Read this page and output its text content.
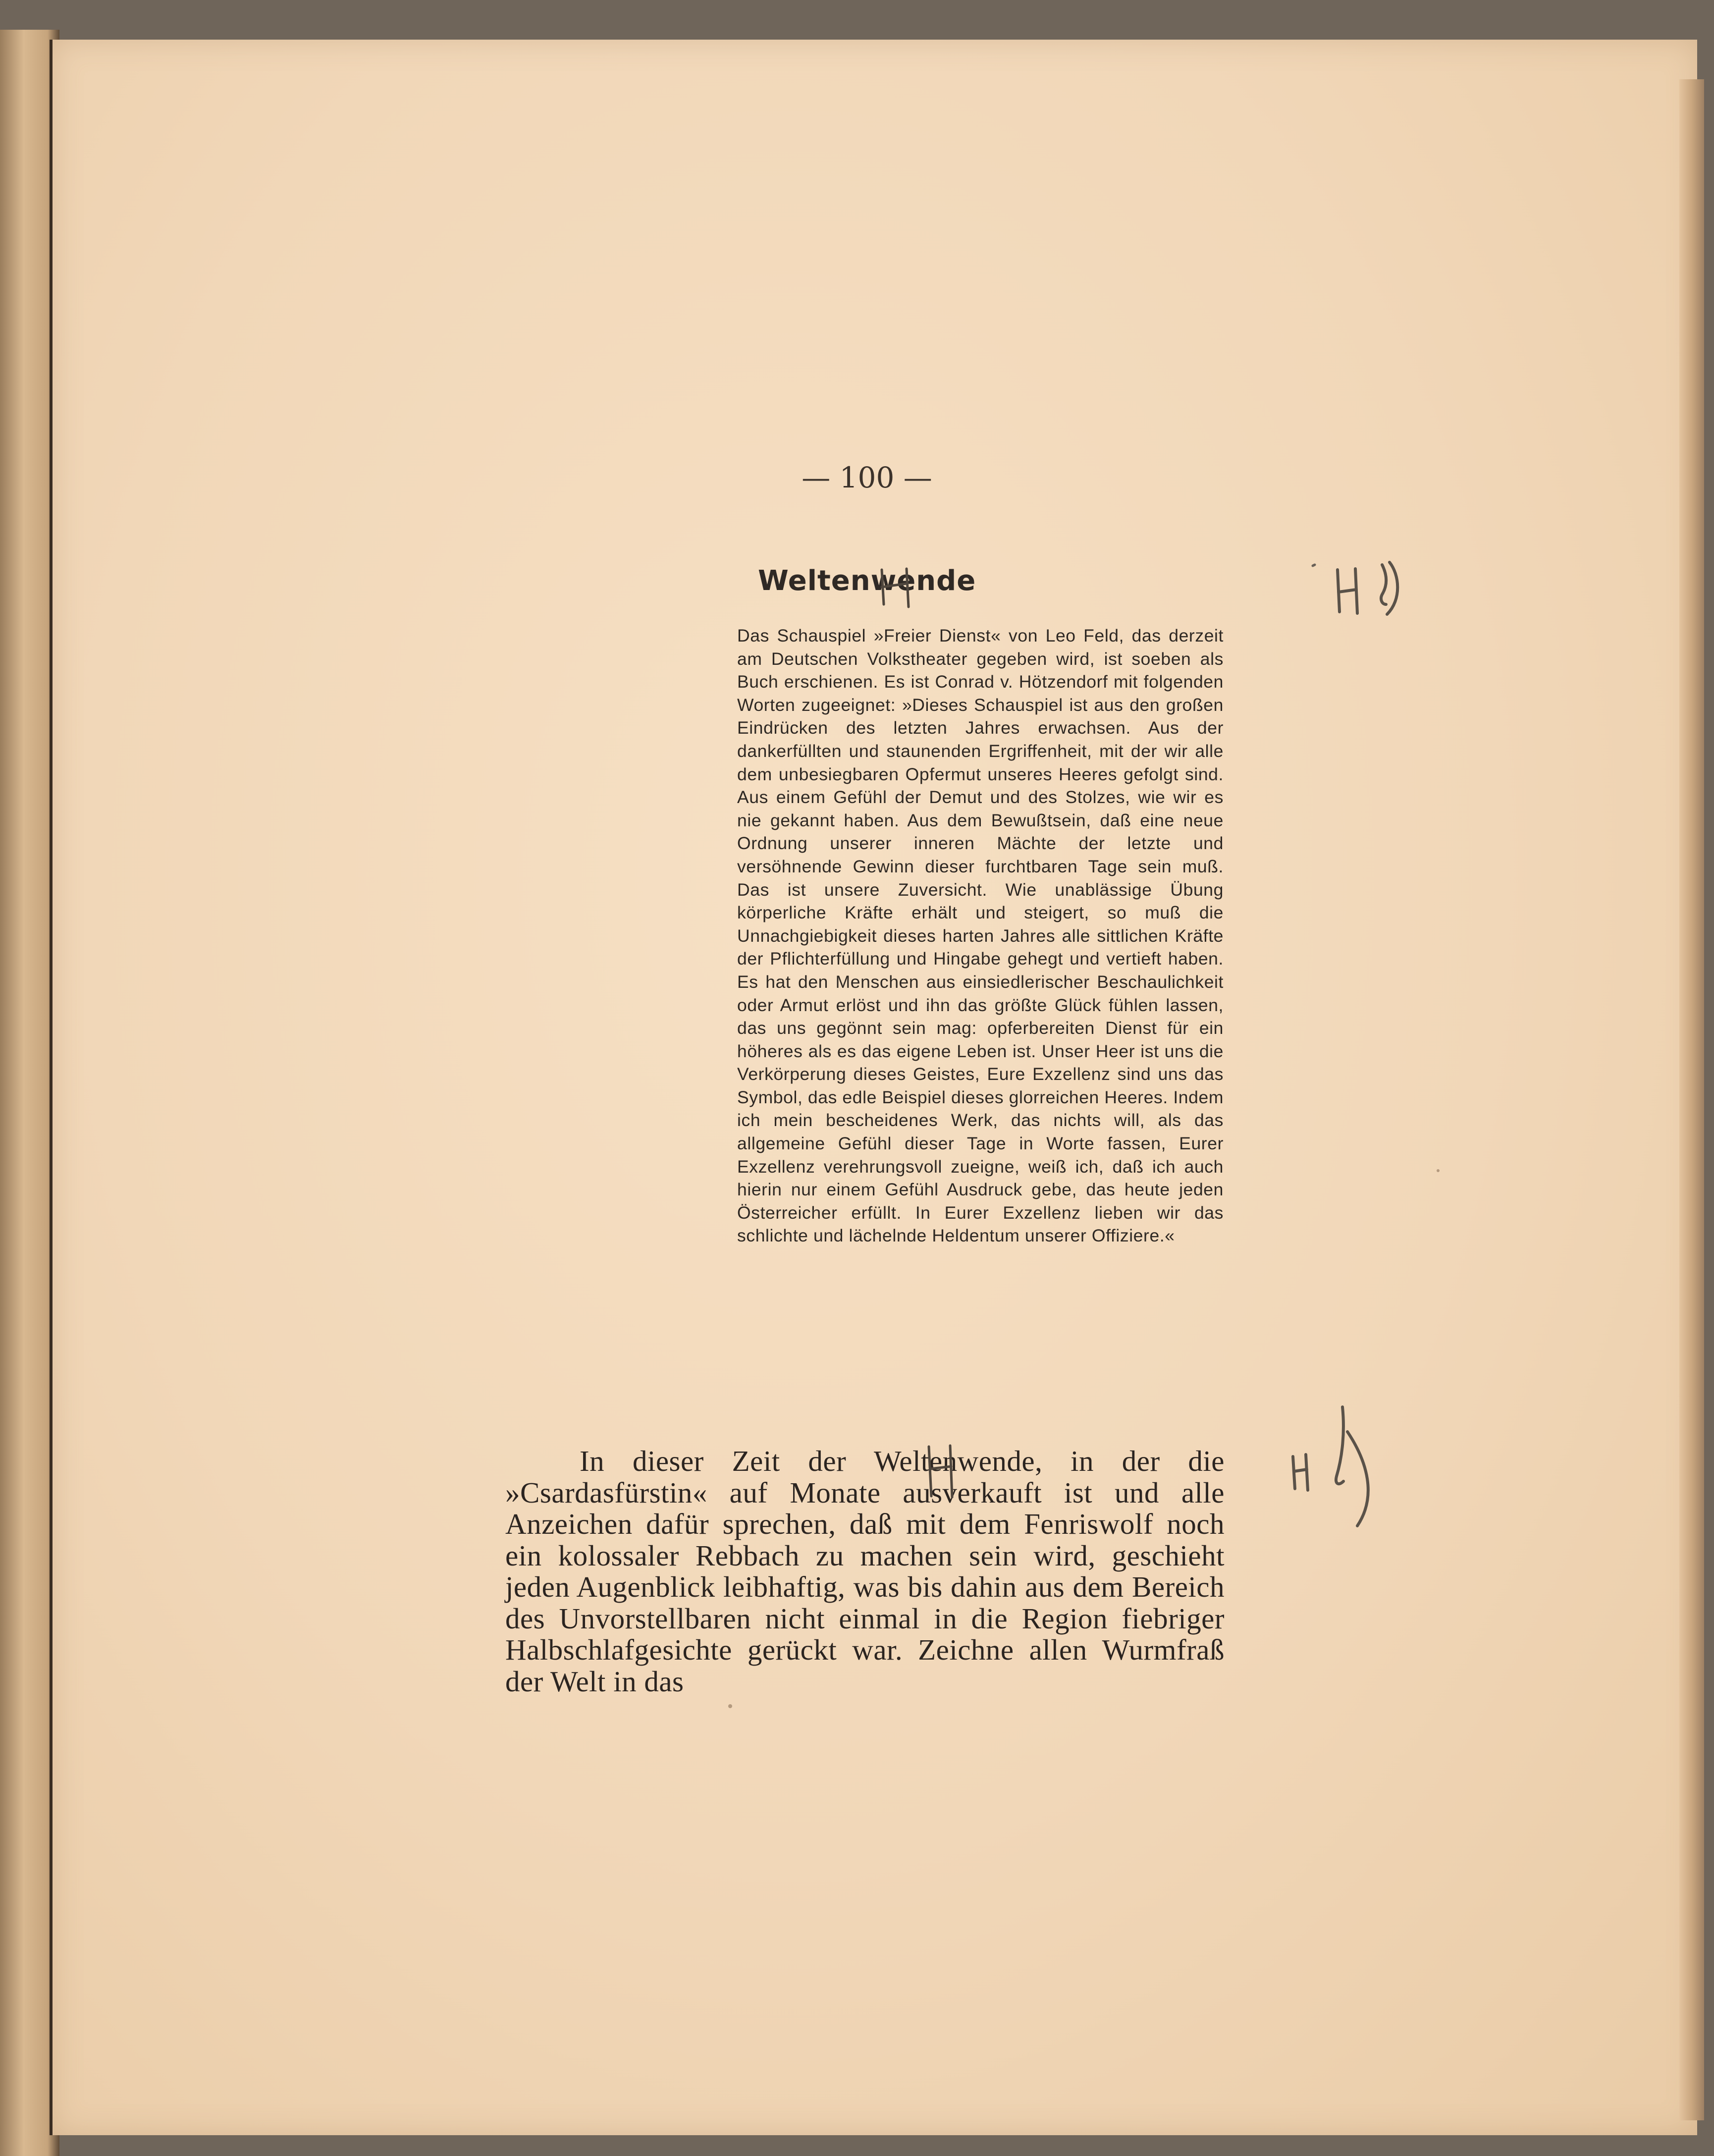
— 100 —
Weltenwende
Das Schauspiel »Freier Dienst« von Leo Feld, das derzeit am Deutschen Volkstheater gegeben wird, ist soeben als Buch erschienen. Es ist Conrad v. Hötzendorf mit folgenden Worten zugeeignet: »Dieses Schauspiel ist aus den großen Eindrücken des letzten Jahres erwachsen. Aus der dankerfüllten und staunenden Ergriffenheit, mit der wir alle dem unbesiegbaren Opfermut unseres Heeres gefolgt sind. Aus einem Gefühl der Demut und des Stolzes, wie wir es nie gekannt haben. Aus dem Bewußtsein, daß eine neue Ordnung unserer inneren Mächte der letzte und versöhnende Gewinn dieser furchtbaren Tage sein muß. Das ist unsere Zuversicht. Wie unablässige Übung körperliche Kräfte erhält und steigert, so muß die Unnachgiebigkeit dieses harten Jahres alle sittlichen Kräfte der Pflichterfüllung und Hingabe gehegt und vertieft haben. Es hat den Menschen aus einsiedlerischer Beschaulichkeit oder Armut erlöst und ihn das größte Glück fühlen lassen, das uns gegönnt sein mag: opferbereiten Dienst für ein höheres als es das eigene Leben ist. Unser Heer ist uns die Verkörperung dieses Geistes, Eure Exzellenz sind uns das Symbol, das edle Beispiel dieses glorreichen Heeres. Indem ich mein bescheidenes Werk, das nichts will, als das allgemeine Gefühl dieser Tage in Worte fassen, Eurer Exzellenz verehrungsvoll zueigne, weiß ich, daß ich auch hierin nur einem Gefühl Ausdruck gebe, das heute jeden Österreicher erfüllt. In Eurer Exzellenz lieben wir das schlichte und lächelnde Heldentum unserer Offiziere.«
In dieser Zeit der Weltenwende, in der die »Csardasfürstin« auf Monate ausverkauft ist und alle Anzeichen dafür sprechen, daß mit dem Fenriswolf noch ein kolossaler Rebbach zu machen sein wird, geschieht jeden Augenblick leibhaftig, was bis dahin aus dem Bereich des Unvorstellbaren nicht einmal in die Region fiebriger Halbschlafgesichte gerückt war. Zeichne allen Wurmfraß der Welt in das
